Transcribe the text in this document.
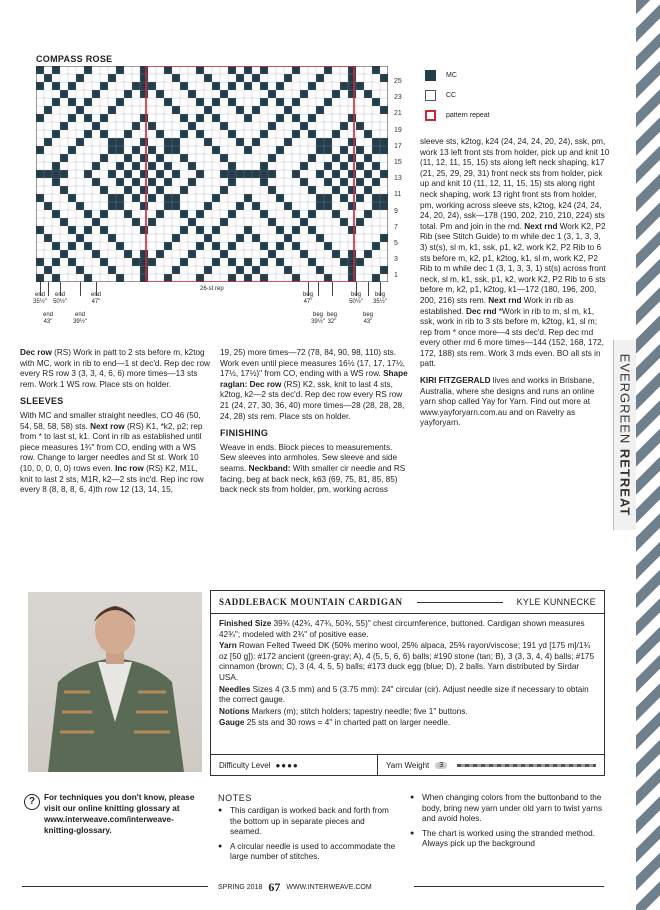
EVERGREEN RETREAT
COMPASS ROSE
25
23
21
19
17
15
13
11
9
7
5
3
1
MC
CC
pattern repeat
26-st rep
end
35½"
end
50½"
end
43"
end
39½"
end
47"
beg
47"
beg
39½"
beg
32"
beg
50½"
beg
43"
beg
35½"

Dec row (RS) Work in patt to 2 sts before m, k2tog with MC, work in rib to end—1 st dec'd. Rep dec row every RS row 3 (3, 3, 4, 6, 6) more times—13 sts rem. Work 1 WS row. Place sts on holder.

SLEEVES

With MC and smaller straight needles, CO 46 (50, 54, 58, 58, 58) sts. Next row (RS) K1, *k2, p2; rep from * to last st, k1. Cont in rib as established until piece measures 1¾" from CO, ending with a WS row. Change to larger needles and St st. Work 10 (10, 0, 0, 0, 0) rows even. Inc row (RS) K2, M1L, knit to last 2 sts, M1R, k2—2 sts inc'd. Rep inc row every 8 (8, 8, 8, 6, 4)th row 12 (13, 14, 15,

19, 25) more times—72 (78, 84, 90, 98, 110) sts. Work even until piece measures 16½ (17, 17, 17½, 17½, 17½)" from CO, ending with a WS row. Shape raglan: Dec row (RS) K2, ssk, knit to last 4 sts, k2tog, k2—2 sts dec'd. Rep dec row every RS row 21 (24, 27, 30, 36, 40) more times—28 (28, 28, 28, 24, 28) sts rem. Place sts on holder.

FINISHING

Weave in ends. Block pieces to measurements. Sew sleeves into armholes. Sew sleeve and side seams. Neckband: With smaller cir needle and RS facing, beg at back neck, k63 (69, 75, 81, 85, 85) back neck sts from holder, pm, working across

sleeve sts, k2tog, k24 (24, 24, 24, 20, 24), ssk, pm, work 13 left front sts from holder, pick up and knit 10 (11, 12, 11, 15, 15) sts along left neck shaping, k17 (21, 25, 29, 29, 31) front neck sts from holder, pick up and knit 10 (11, 12, 11, 15, 15) sts along right neck shaping, work 13 right front sts from holder, pm, working across sleeve sts, k2tog, k24 (24, 24, 24, 20, 24), ssk—178 (190, 202, 210, 210, 224) sts total. Pm and join in the rnd. Next rnd Work K2, P2 Rib (see Stitch Guide) to m while dec 1 (3, 1, 3, 3, 3) st(s), sl m, k1, ssk, p1, k2, work K2, P2 Rib to 6 sts before m, k2, p1, k2tog, k1, sl m, work K2, P2 Rib to m while dec 1 (3, 1, 3, 3, 1) st(s) across front neck, sl m, k1, ssk, p1, k2, work K2, P2 Rib to 6 sts before m, k2, p1, k2tog, k1—172 (180, 196, 200, 200, 216) sts rem. Next rnd Work in rib as established. Dec rnd *Work in rib to m, sl m, k1, ssk, work in rib to 3 sts before m, k2tog, k1, sl m; rep from * once more—4 sts dec'd. Rep dec rnd every other rnd 6 more times—144 (152, 168, 172, 172, 188) sts rem. Work 3 rnds even. BO all sts in patt.

KIRI FITZGERALD lives and works in Brisbane, Australia, where she designs and runs an online yarn shop called Yay for Yarn. Find out more at www.yayforyarn.com.au and on Ravelry as yayforyarn.

SADDLEBACK MOUNTAIN CARDIGAN	KYLE KUNNECKE

Finished Size 39¾ (42¾, 47¾, 50¾, 55)" chest circumference, buttoned. Cardigan shown measures 42¾"; modeled with 2¾" of positive ease.

Yarn Rowan Felted Tweed DK (50% merino wool, 25% alpaca, 25% rayon/viscose; 191 yd [175 m]/1¾ oz [50 g]): #172 ancient (green-gray; A), 4 (5, 5, 6, 6) balls; #190 stone (tan; B), 3 (3, 3, 4, 4) balls; #175 cinnamon (brown; C), 3 (4, 4, 5, 5) balls; #173 duck egg (blue; D), 2 balls. Yarn distributed by Sirdar USA.

Needles Sizes 4 (3.5 mm) and 5 (3.75 mm): 24" circular (cir). Adjust needle size if necessary to obtain the correct gauge.

Notions Markers (m); stitch holders; tapestry needle; five 1" buttons.

Gauge 25 sts and 30 rows = 4" in charted patt on larger needle.

Difficulty Level ●●●●	Yarn Weight	3
?	For techniques you don't know, please visit our online knitting glossary at www.interweave.com/interweave-knitting-glossary.
NOTES
● This cardigan is worked back and forth from the bottom up in separate pieces and seamed.
● A circular needle is used to accommodate the large number of stitches.
● When changing colors from the buttonband to the body, bring new yarn under old yarn to twist yarns and avoid holes.
● The chart is worked using the stranded method. Always pick up the background
SPRING 2018 67 WWW.INTERWEAVE.COM
